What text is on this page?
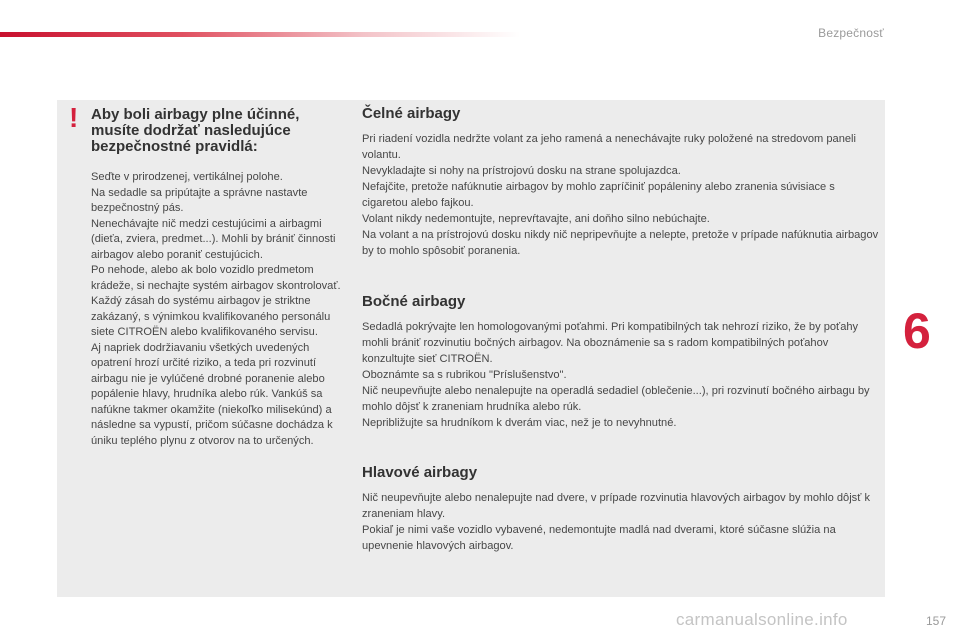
Bezpečnosť
! Aby boli airbagy plne účinné, musíte dodržať nasledujúce bezpečnostné pravidlá:

Seďte v prirodzenej, vertikálnej polohe.
Na sedadle sa pripútajte a správne nastavte bezpečnostný pás.
Nenechávajte nič medzi cestujúcimi a airbagmi (dieťa, zviera, predmet...). Mohli by brániť činnosti airbagov alebo poraniť cestujúcich.
Po nehode, alebo ak bolo vozidlo predmetom krádeže, si nechajte systém airbagov skontrolovať.
Každý zásah do systému airbagov je striktne zakázaný, s výnimkou kvalifikovaného personálu siete CITROËN alebo kvalifikovaného servisu.
Aj napriek dodržiavaniu všetkých uvedených opatrení hrozí určité riziko, a teda pri rozvinutí airbagu nie je vylúčené drobné poranenie alebo popálenie hlavy, hrudníka alebo rúk. Vankúš sa nafúkne takmer okamžite (niekoľko milisekúnd) a následne sa vypustí, pričom súčasne dochádza k úniku teplého plynu z otvorov na to určených.

Čelné airbagy

Pri riadení vozidla nedržte volant za jeho ramená a nenechávajte ruky položené na stredovom paneli volantu.
Nevykladajte si nohy na prístrojovú dosku na strane spolujazdca.
Nefajčite, pretože nafúknutie airbagov by mohlo zapríčiniť popáleniny alebo zranenia súvisiace s cigaretou alebo fajkou.
Volant nikdy nedemontujte, neprevŕtavajte, ani doňho silno nebúchajte.
Na volant a na prístrojovú dosku nikdy nič nepripevňujte a nelepte, pretože v prípade nafúknutia airbagov by to mohlo spôsobiť poranenia.

Bočné airbagy

Sedadlá pokrývajte len homologovanými poťahmi. Pri kompatibilných tak nehrozí riziko, že by poťahy mohli brániť rozvinutiu bočných airbagov. Na oboznámenie sa s radom kompatibilných poťahov konzultujte sieť CITROËN.
Oboznámte sa s rubrikou "Príslušenstvo".
Nič neupevňujte alebo nenalepujte na operadlá sedadiel (oblečenie...), pri rozvinutí bočného airbagu by mohlo dôjsť k zraneniam hrudníka alebo rúk.
Nepribližujte sa hrudníkom k dverám viac, než je to nevyhnutné.

Hlavové airbagy

Nič neupevňujte alebo nenalepujte nad dvere, v prípade rozvinutia hlavových airbagov by mohlo dôjsť k zraneniam hlavy.
Pokiaľ je nimi vaše vozidlo vybavené, nedemontujte madlá nad dverami, ktoré súčasne slúžia na upevnenie hlavových airbagov.

6
carmanualsonline.info	157
